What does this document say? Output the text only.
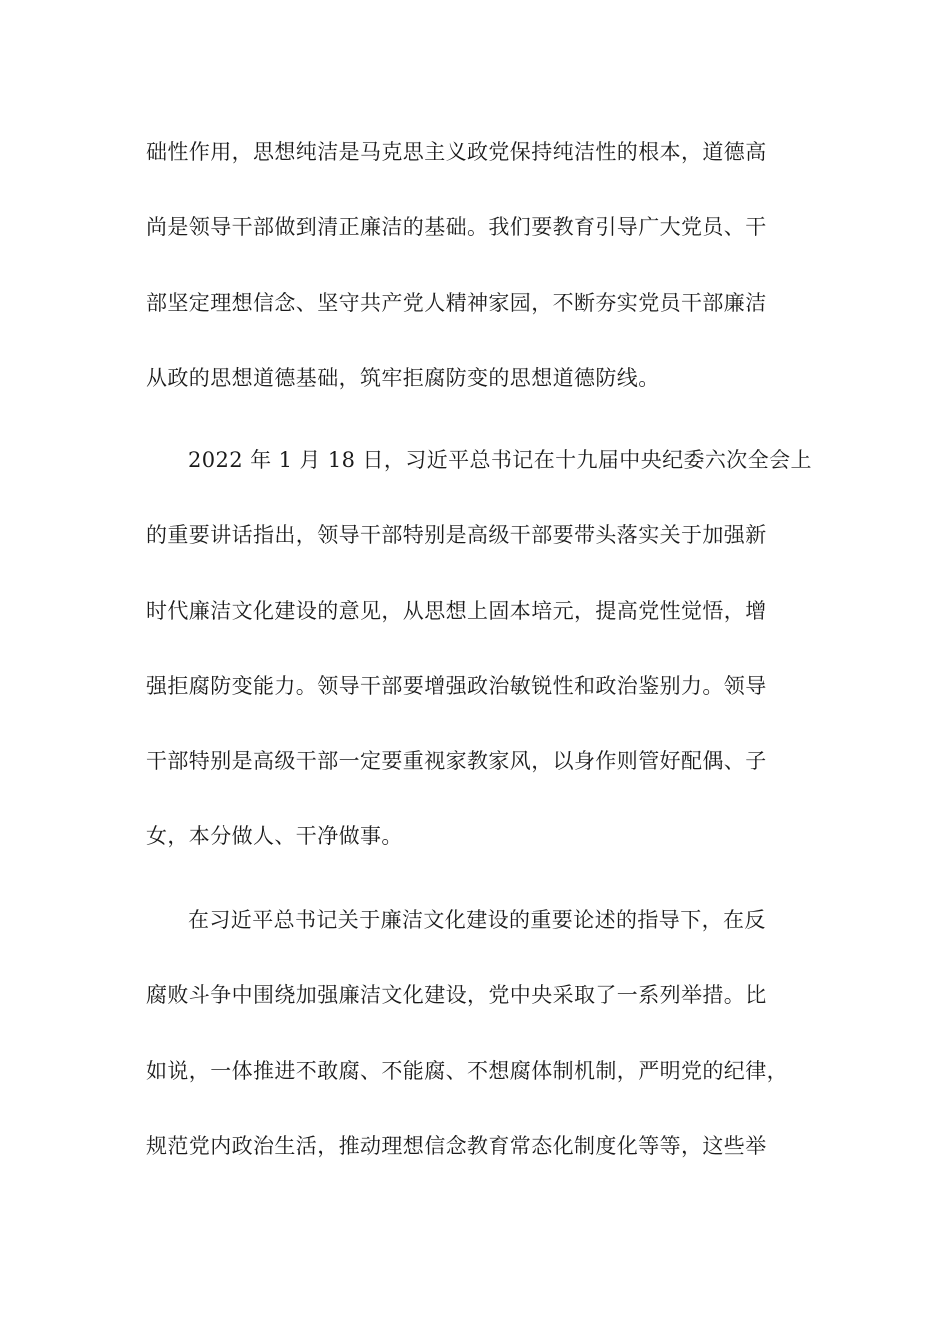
础性作用，思想纯洁是马克思主义政党保持纯洁性的根本，道德高
尚是领导干部做到清正廉洁的基础。我们要教育引导广大党员、干
部坚定理想信念、坚守共产党人精神家园，不断夯实党员干部廉洁
从政的思想道德基础，筑牢拒腐防变的思想道德防线。
2022 年 1 月 18 日，习近平总书记在十九届中央纪委六次全会上
的重要讲话指出，领导干部特别是高级干部要带头落实关于加强新
时代廉洁文化建设的意见，从思想上固本培元，提高党性觉悟，增
强拒腐防变能力。领导干部要增强政治敏锐性和政治鉴别力。领导
干部特别是高级干部一定要重视家教家风，以身作则管好配偶、子
女，本分做人、干净做事。
在习近平总书记关于廉洁文化建设的重要论述的指导下，在反
腐败斗争中围绕加强廉洁文化建设，党中央采取了一系列举措。比
如说，一体推进不敢腐、不能腐、不想腐体制机制，严明党的纪律，
规范党内政治生活，推动理想信念教育常态化制度化等等，这些举
